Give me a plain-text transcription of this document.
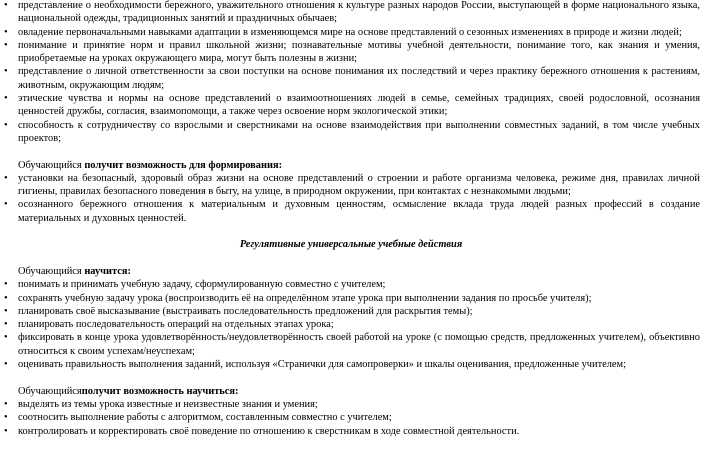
• представление о необходимости бережного, уважительного отношения к культуре разных народов России, выступающей в форме национального языка, национальной одежды, традиционных занятий и праздничных обычаев;

• овладение первоначальными навыками адаптации в изменяющемся мире на основе представлений о сезонных изменениях в природе и жизни людей;

• понимание и принятие норм и правил школьной жизни; познавательные мотивы учебной деятельности, понимание того, как знания и умения, приобретаемые на уроках окружающего мира, могут быть полезны в жизни;

• представление о личной ответственности за свои поступки на основе понимания их последствий и через практику бережного отношения к растениям, животным, окружающим людям;

• этические чувства и нормы на основе представлений о взаимоотношениях людей в семье, семейных традициях, своей родословной, осознания ценностей дружбы, согласия, взаимопомощи, а также через освоение норм экологической этики;

• способность к сотрудничеству со взрослыми и сверстниками на основе взаимодействия при выполнении совместных заданий, в том числе учебных проектов;

Обучающийся получит возможность для формирования:

• установки на безопасный, здоровый образ жизни на основе представлений о строении и работе организма человека, режиме дня, правилах личной гигиены, правилах безопасного поведения в быту, на улице, в природном окружении, при контактах с незнакомыми людьми;

• осознанного бережного отношения к материальным и духовным ценностям, осмысление вклада труда людей разных профессий в создание материальных и духовных ценностей.

Регулятивные универсальные учебные действия

Обучающийся научится:

• понимать и принимать учебную задачу, сформулированную совместно с учителем;

• сохранять учебную задачу урока (воспроизводить её на определённом этапе урока при выполнении задания по просьбе учителя);

• планировать своё высказывание (выстраивать последовательность предложений для раскрытия темы);

• планировать последовательность операций на отдельных этапах урока;

• фиксировать в конце урока удовлетворённость/неудовлетворённость своей работой на уроке (с помощью средств, предложенных учителем), объективно относиться к своим успехам/неуспехам;

• оценивать правильность выполнения заданий, используя «Странички для самопроверки» и шкалы оценивания, предложенные учителем;

Обучающийсяполучит возможность научиться:

• выделять из темы урока известные и неизвестные знания и умения;

• соотносить выполнение работы с алгоритмом, составленным совместно с учителем;

• контролировать и корректировать своё поведение по отношению к сверстникам в ходе совместной деятельности.
